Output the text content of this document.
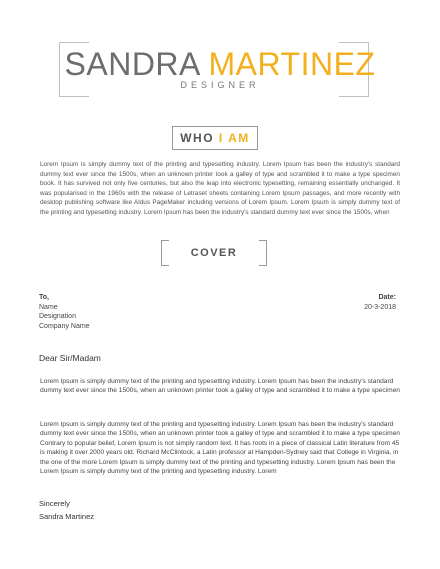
SANDRA MARTINEZ
DESIGNER
WHO I AM
Lorem Ipsum is simply dummy text of the printing and typesetting industry. Lorem Ipsum has been the industry's standard dummy text ever since the 1500s, when an unknown printer took a galley of type and scrambled it to make a type specimen book. It has survived not only five centuries, but also the leap into electronic typesetting, remaining essentially unchanged. It was popularised in the 1960s with the release of Letraset sheets containing Lorem Ipsum passages, and more recently with desktop publishing software like Aldus PageMaker including versions of Lorem Ipsum. Lorem Ipsum is simply dummy text of the printing and typesetting industry. Lorem Ipsum has been the industry's standard dummy text ever since the 1500s, when
COVER
To,
Name
Designation
Company Name
Date:
20-3-2018
Dear Sir/Madam
Lorem Ipsum is simply dummy text of the printing and typesetting industry. Lorem Ipsum has been the industry's standard dummy text ever since the 1500s, when an unknown printer took a galley of type and scrambled it to make a type specimen
Lorem Ipsum is simply dummy text of the printing and typesetting industry. Lorem Ipsum has been the industry's standard dummy text ever since the 1500s, when an unknown printer took a galley of type and scrambled it to make a type specimen Contrary to popular belief, Lorem Ipsum is not simply random text. It has roots in a piece of classical Latin literature from 45 is making it over 2000 years old. Richard McClintock, a Latin professor at Hampden-Sydney said that College in Virginia, in the one of the more Lorem Ipsum is simply dummy text of the printing and typesetting industry. Lorem Ipsum has been the Lorem Ipsum is simply dummy text of the printing and typesetting industry. Lorem
Sincerely
Sandra Martinez
